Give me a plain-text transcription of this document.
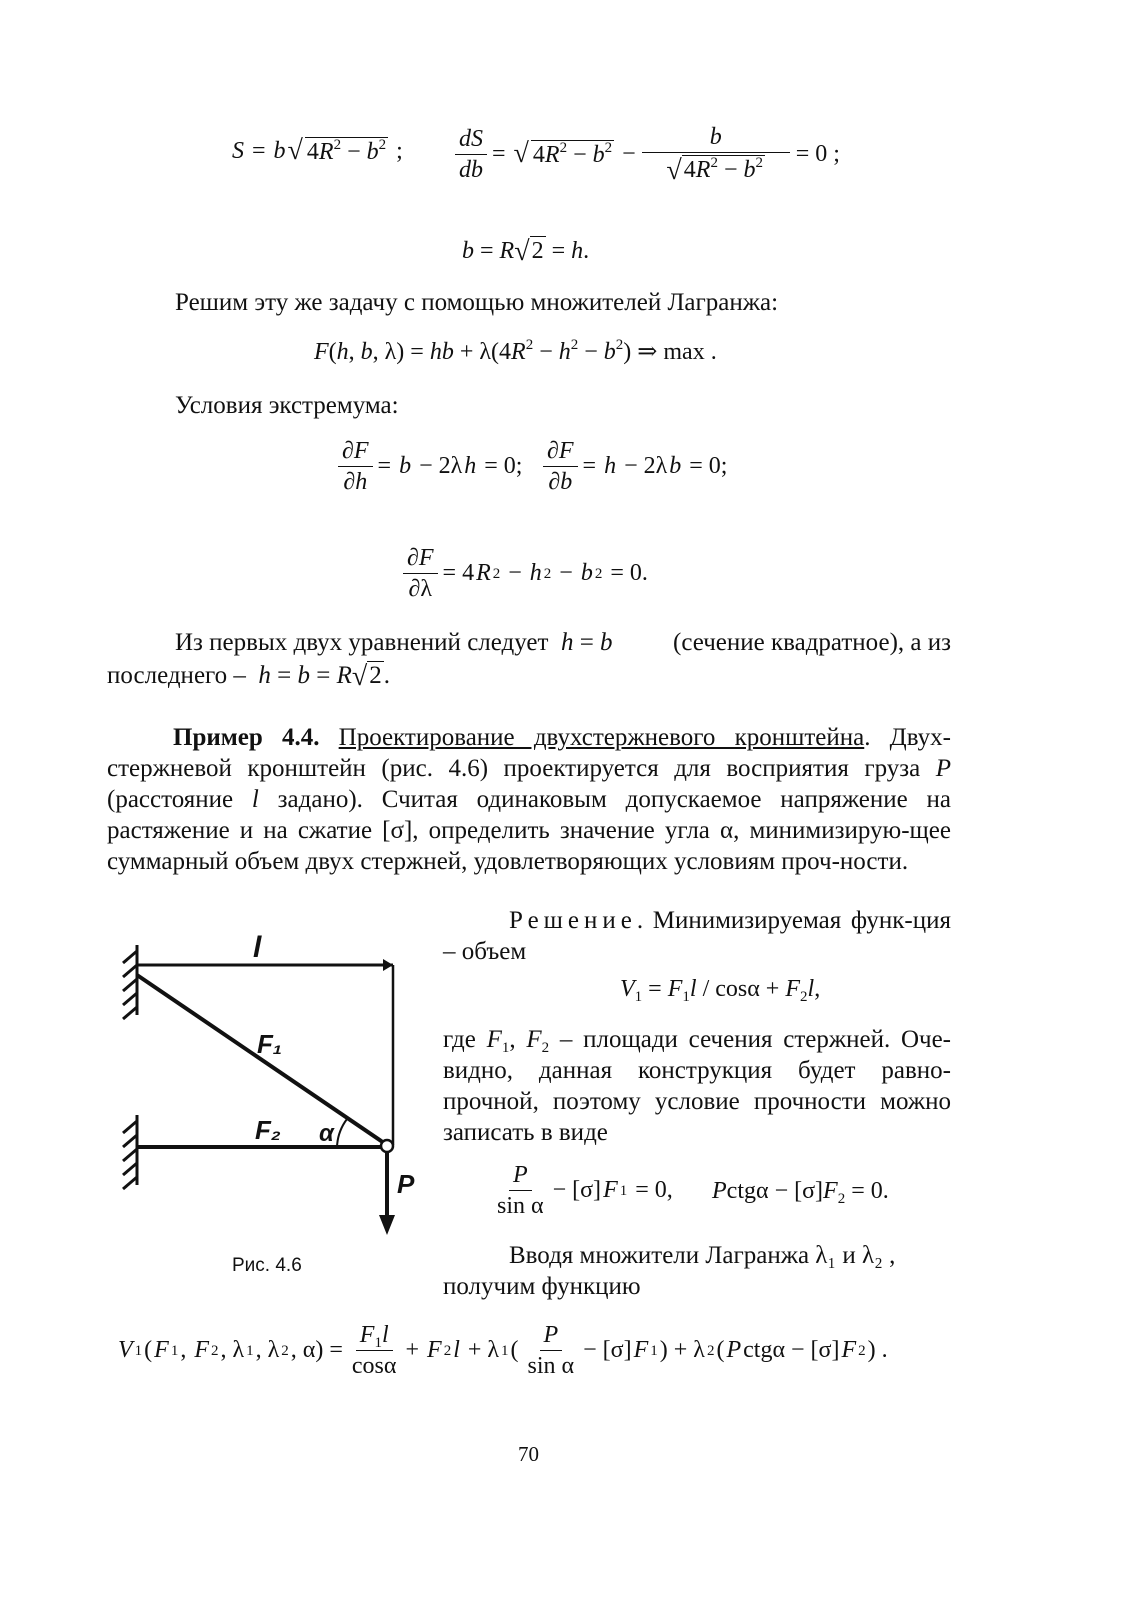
S = b √ $4R^2 - b^2$ ; $\frac{dS}{db}$ = √ $4R^2 - b^2 - \frac{b}{√4R^2 - b^2} = 0$ ;
b = R√2 = h.
Решим эту же задачу с помощью множителей Лагранжа:
F(h, b, λ) = hb + $\lambda(4R^2 - h^2 - b^2)$ ⇒ max .
Условия экстремума:
$\frac{\partial F}{\partial h} = b - 2\lambda$ h = 0; $\frac{\partial F}{\partial b} = h - 2\lambda$ b = 0;
$\frac{\partial F}{\partial\lambda} = 4$ R 2 − h 2 − b 2 = 0.
Из первых двух уравнений следует h = b (сечение квадратное), а из
последнего – h = b = R√2.
Пример 4.4. Проектирование двухстержневого кронштейна. Двух-стержневой кронштейн (рис. 4.6) проектируется для восприятия груза P (расстояние l задано). Считая одинаковым допускаемое напряжение на растяжение и на сжатие [σ], определить значение угла α, минимизирую-щее суммарный объем двух стержней, удовлетворяющих условиям проч-ности.
l
F₁
F₂ α
P
Рис. 4.6
Решение. Минимизируемая функ-ция – объем
$V_1 = F_1l / \cos\alpha + F_2l$,
где $F_1$, $F_2$ – площади сечения стержней. Оче-видно, данная конструкция будет равно-прочной, поэтому условие прочности можно записать в виде
$\frac{P}{\text{sin α}} - [\sigma]$ F 1 = 0, Pctgα − $[\sigma]F_2 = 0$.
Вводя множители Лагранжа λ₁ и λ₂ ,
получим функцию
V 1 ( F 1 , F 2 , λ 1 , λ 2 , $\alpha) = \frac{F_1l}{\cos\alpha} + F$ 2 l + λ 1 ( $\frac{P}{\text{sin α}} - [\sigma]$ F 1 ) + λ 2 ( P ctgα − [σ] F 2 ) .
70
